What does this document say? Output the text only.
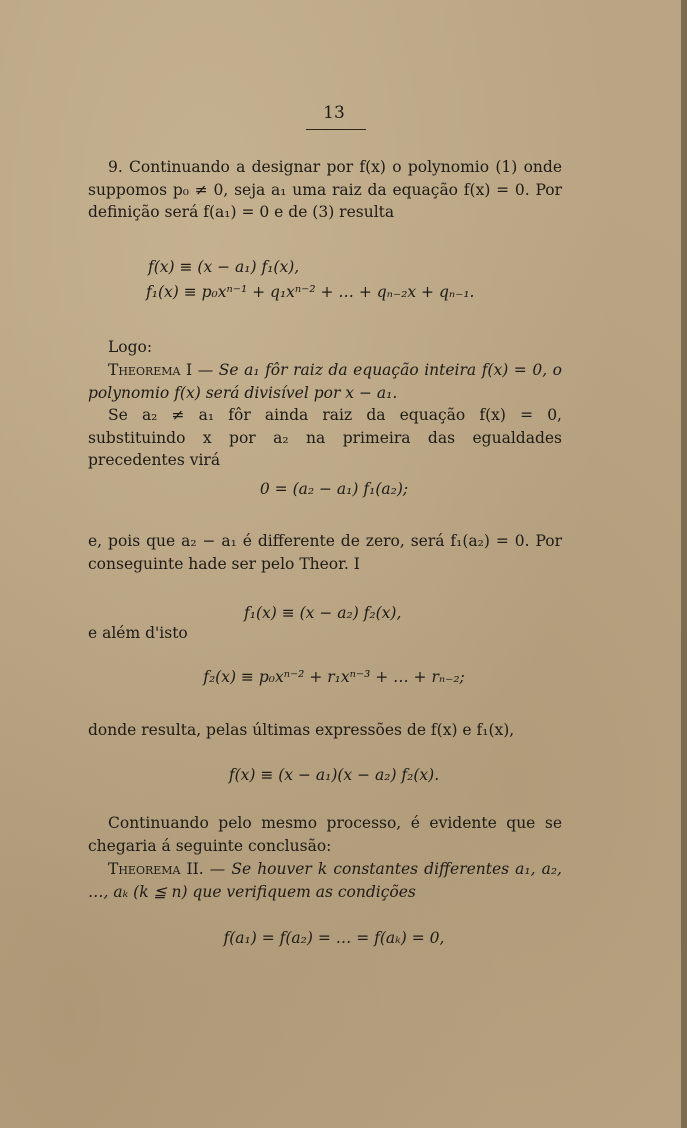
13

9. Continuando a designar por f(x) o polynomio (1) onde suppomos p₀ ≠ 0, seja a₁ uma raiz da equação f(x) = 0. Por definição será f(a₁) = 0 e de (3) resulta

f(x) ≡ (x − a₁) f₁(x),
f₁(x) ≡ p₀xⁿ⁻¹ + q₁xⁿ⁻² + … + qₙ₋₂x + qₙ₋₁.

Logo:

Theorema I — Se a₁ fôr raiz da equação inteira f(x) = 0, o polynomio f(x) será divisível por x − a₁.

Se a₂ ≠ a₁ fôr ainda raiz da equação f(x) = 0, substituindo x por a₂ na primeira das egualdades precedentes virá

0 = (a₂ − a₁) f₁(a₂);

e, pois que a₂ − a₁ é differente de zero, será f₁(a₂) = 0. Por conseguinte hade ser pelo Theor. I

f₁(x) ≡ (x − a₂) f₂(x),
e além d'isto
f₂(x) ≡ p₀xⁿ⁻² + r₁xⁿ⁻³ + … + rₙ₋₂;

donde resulta, pelas últimas expressões de f(x) e f₁(x),

f(x) ≡ (x − a₁)(x − a₂) f₂(x).

Continuando pelo mesmo processo, é evidente que se chegaria á seguinte conclusão:

Theorema II. — Se houver k constantes differentes a₁, a₂, …, aₖ (k ≦ n) que verifiquem as condições

f(a₁) = f(a₂) = … = f(aₖ) = 0,
